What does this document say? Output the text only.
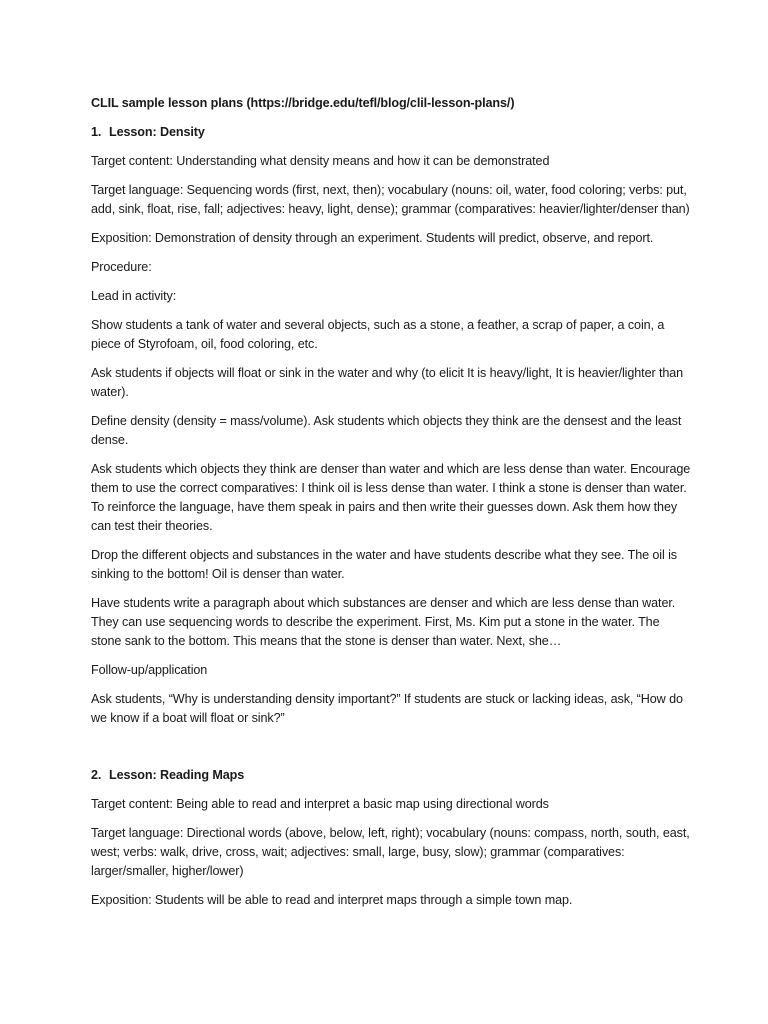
CLIL sample lesson plans (https://bridge.edu/tefl/blog/clil-lesson-plans/)

1. Lesson: Density

Target content: Understanding what density means and how it can be demonstrated

Target language: Sequencing words (first, next, then); vocabulary (nouns: oil, water, food coloring; verbs: put, add, sink, float, rise, fall; adjectives: heavy, light, dense); grammar (comparatives: heavier/lighter/denser than)

Exposition: Demonstration of density through an experiment. Students will predict, observe, and report.

Procedure:

Lead in activity:

Show students a tank of water and several objects, such as a stone, a feather, a scrap of paper, a coin, a piece of Styrofoam, oil, food coloring, etc.

Ask students if objects will float or sink in the water and why (to elicit It is heavy/light, It is heavier/lighter than water).

Define density (density = mass/volume). Ask students which objects they think are the densest and the least dense.

Ask students which objects they think are denser than water and which are less dense than water. Encourage them to use the correct comparatives: I think oil is less dense than water. I think a stone is denser than water. To reinforce the language, have them speak in pairs and then write their guesses down. Ask them how they can test their theories.

Drop the different objects and substances in the water and have students describe what they see. The oil is sinking to the bottom! Oil is denser than water.

Have students write a paragraph about which substances are denser and which are less dense than water. They can use sequencing words to describe the experiment. First, Ms. Kim put a stone in the water. The stone sank to the bottom. This means that the stone is denser than water. Next, she…

Follow-up/application

Ask students, “Why is understanding density important?” If students are stuck or lacking ideas, ask, “How do we know if a boat will float or sink?”

2. Lesson: Reading Maps

Target content: Being able to read and interpret a basic map using directional words

Target language: Directional words (above, below, left, right); vocabulary (nouns: compass, north, south, east, west; verbs: walk, drive, cross, wait; adjectives: small, large, busy, slow); grammar (comparatives: larger/smaller, higher/lower)

Exposition: Students will be able to read and interpret maps through a simple town map.
